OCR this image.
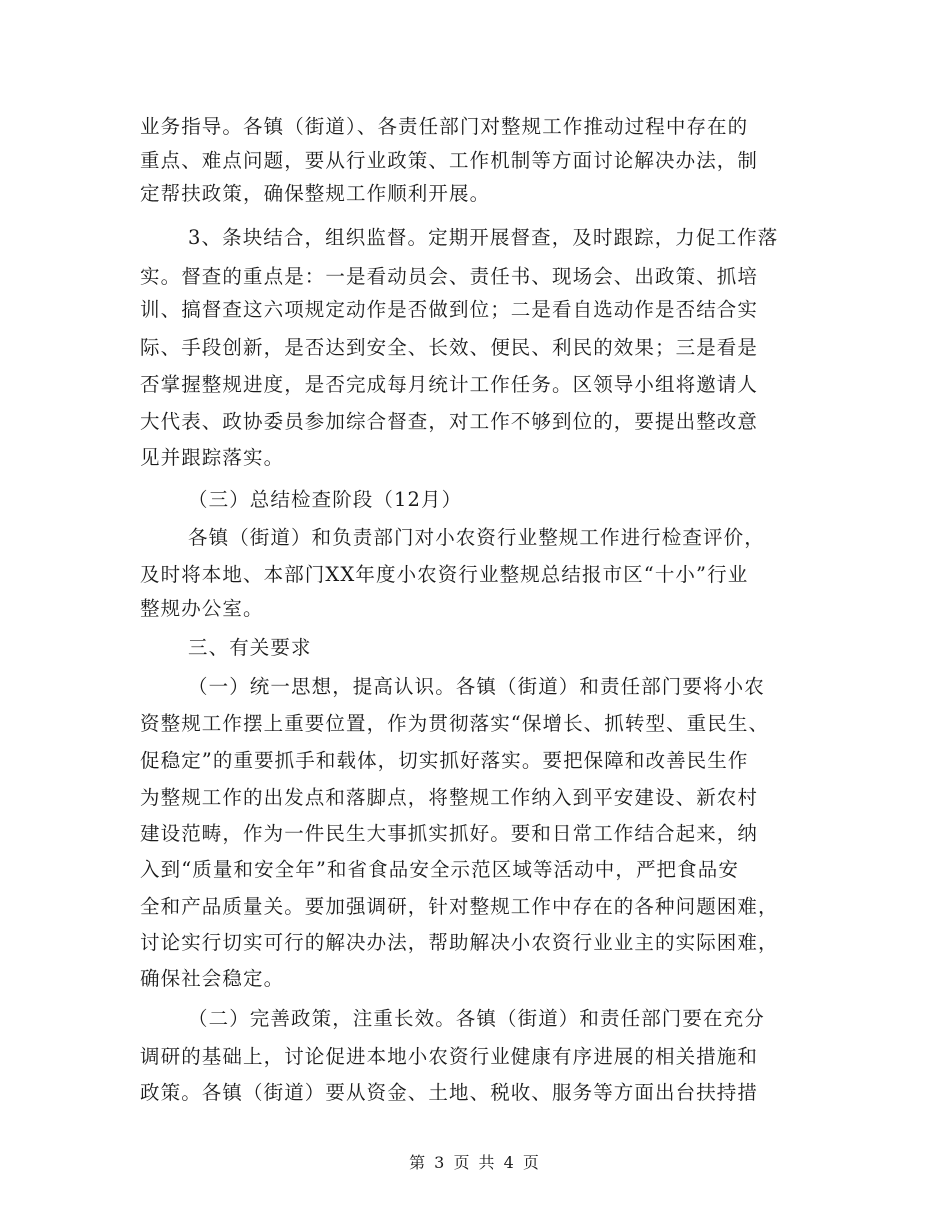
业务指导。各镇（街道）、各责任部门对整规工作推动过程中存在的
重点、难点问题，要从行业政策、工作机制等方面讨论解决办法，制
定帮扶政策，确保整规工作顺利开展。
3、条块结合，组织监督。定期开展督查，及时跟踪，力促工作落
实。督查的重点是：一是看动员会、责任书、现场会、出政策、抓培
训、搞督查这六项规定动作是否做到位；二是看自选动作是否结合实
际、手段创新，是否达到安全、长效、便民、利民的效果；三是看是
否掌握整规进度，是否完成每月统计工作任务。区领导小组将邀请人
大代表、政协委员参加综合督查，对工作不够到位的，要提出整改意
见并跟踪落实。
（三）总结检查阶段（12月）
各镇（街道）和负责部门对小农资行业整规工作进行检查评价，
及时将本地、本部门XX年度小农资行业整规总结报市区“十小”行业
整规办公室。
三、有关要求
（一）统一思想，提高认识。各镇（街道）和责任部门要将小农
资整规工作摆上重要位置，作为贯彻落实“保增长、抓转型、重民生、
促稳定”的重要抓手和载体，切实抓好落实。要把保障和改善民生作
为整规工作的出发点和落脚点，将整规工作纳入到平安建设、新农村
建设范畴，作为一件民生大事抓实抓好。要和日常工作结合起来，纳
入到“质量和安全年”和省食品安全示范区域等活动中，严把食品安
全和产品质量关。要加强调研，针对整规工作中存在的各种问题困难，
讨论实行切实可行的解决办法，帮助解决小农资行业业主的实际困难，
确保社会稳定。
（二）完善政策，注重长效。各镇（街道）和责任部门要在充分
调研的基础上，讨论促进本地小农资行业健康有序进展的相关措施和
政策。各镇（街道）要从资金、土地、税收、服务等方面出台扶持措
第 3 页 共 4 页
